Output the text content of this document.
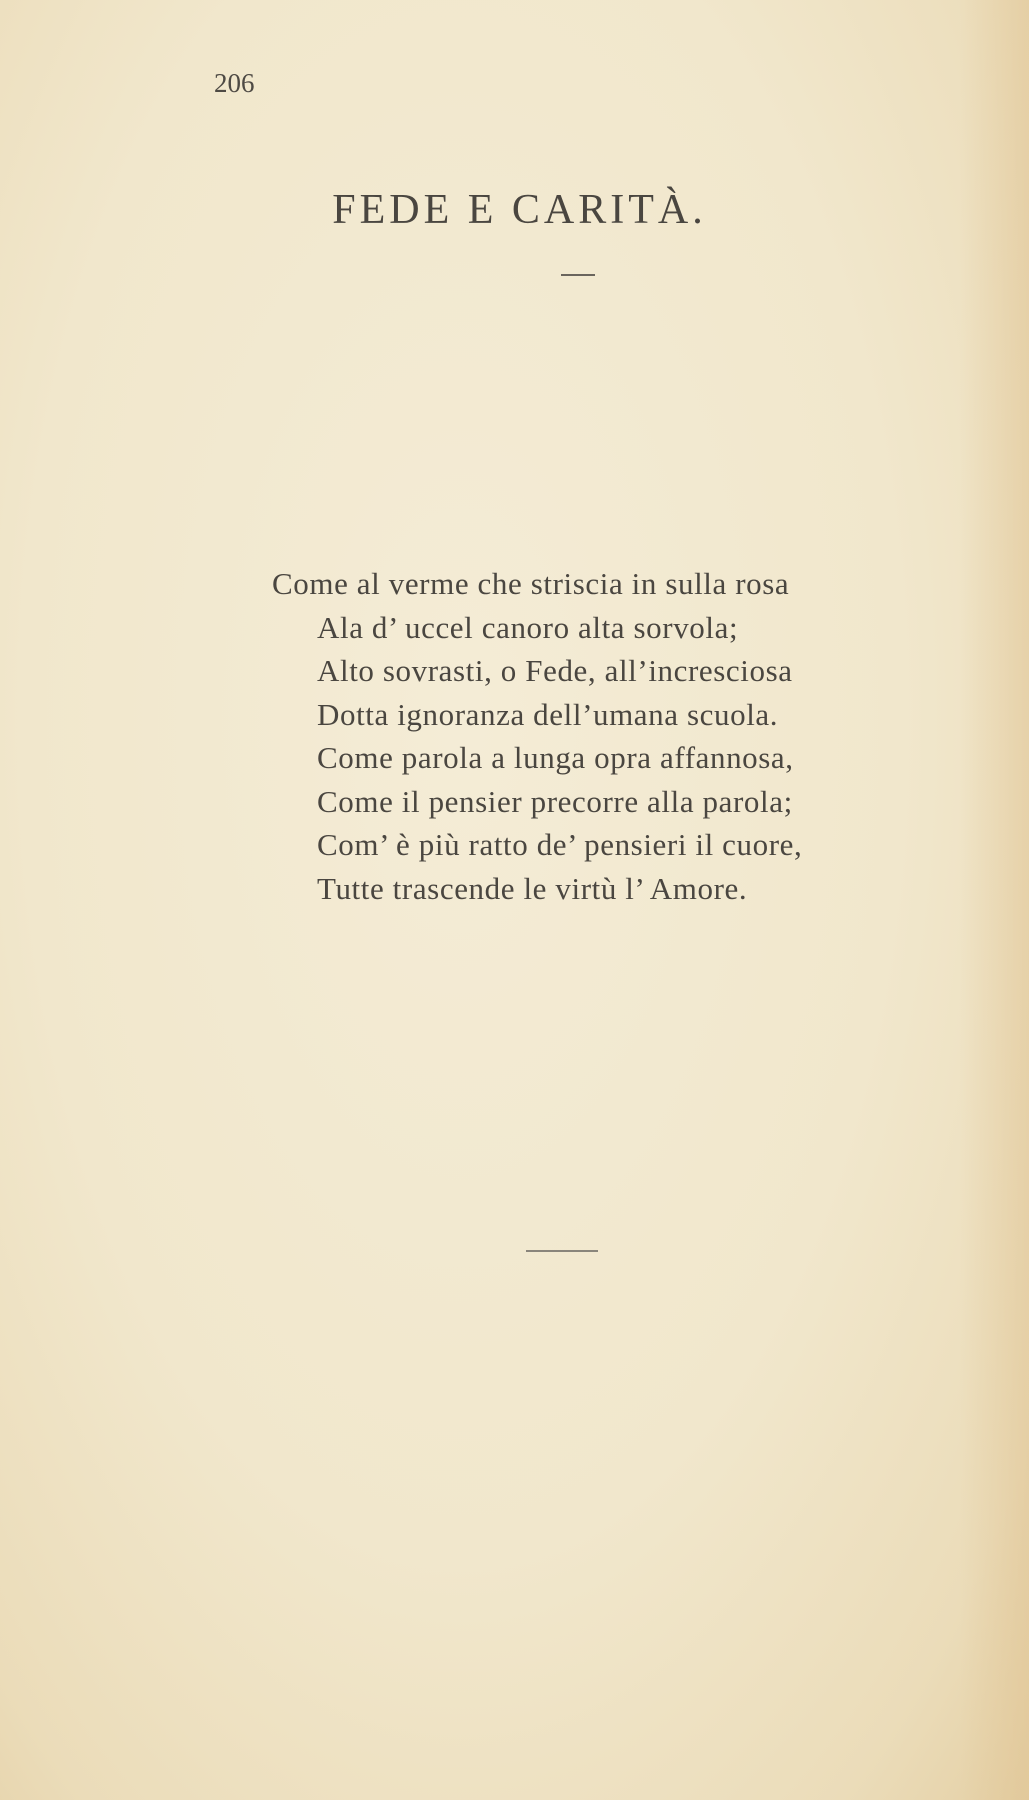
206
FEDE E CARITÀ.
Come al verme che striscia in sulla rosa
Ala d’ uccel canoro alta sorvola;
Alto sovrasti, o Fede, all’incresciosa
Dotta ignoranza dell’umana scuola.
Come parola a lunga opra affannosa,
Come il pensier precorre alla parola;
Com’ è più ratto de’ pensieri il cuore,
Tutte trascende le virtù l’ Amore.
